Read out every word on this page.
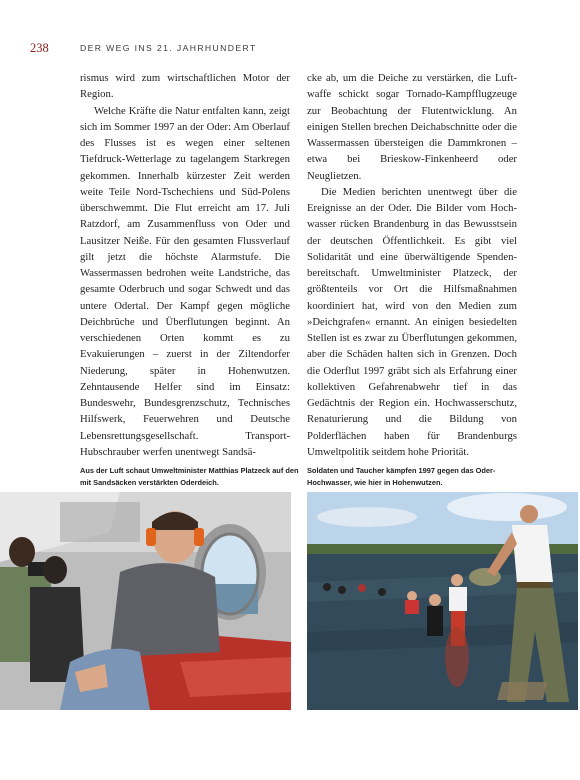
238	DER WEG INS 21. JAHRHUNDERT

rismus wird zum wirtschaftlichen Motor der Region.

Welche Kräfte die Natur entfalten kann, zeigt sich im Sommer 1997 an der Oder: Am Oberlauf des Flusses ist es wegen einer seltenen Tiefdruck-Wetterlage zu tagelangem Starkregen gekommen. Innerhalb kürzester Zeit werden weite Teile Nord-Tschechiens und Süd-Polens überschwemmt. Die Flut erreicht am 17. Juli Ratzdorf, am Zusammenfluss von Oder und Lausitzer Neiße. Für den gesamten Flussverlauf gilt jetzt die höchste Alarmstufe. Die Wassermassen bedrohen weite Landstriche, das gesamte Oderbruch und sogar Schwedt und das untere Odertal. Der Kampf gegen mögliche Deichbrüche und Überflutungen beginnt. An verschiedenen Orten kommt es zu Evakuierungen – zuerst in der Ziltendorfer Niederung, später in Hohenwutzen. Zehntausende Helfer sind im Einsatz: Bundeswehr, Bundesgrenzschutz, Technisches Hilfswerk, Feuerwehren und Deutsche Lebensrettungsgesellschaft. Transport-Hubschrauber werfen unentwegt Sandsä-

cke ab, um die Deiche zu verstärken, die Luftwaffe schickt sogar Tornado-Kampfflugzeuge zur Beobachtung der Flutentwicklung. An einigen Stellen brechen Deichabschnitte oder die Wassermassen übersteigen die Dammkronen – etwa bei Brieskow-Finkenheerd oder Neuglietzen.

Die Medien berichten unentwegt über die Ereignisse an der Oder. Die Bilder vom Hochwasser rücken Brandenburg in das Bewusstsein der deutschen Öffentlichkeit. Es gibt viel Solidarität und eine überwältigende Spendenbereitschaft. Umweltminister Platzeck, der größtenteils vor Ort die Hilfsmaßnahmen koordiniert hat, wird von den Medien zum »Deichgrafen« ernannt. An einigen besiedelten Stellen ist es zwar zu Überflutungen gekommen, aber die Schäden halten sich in Grenzen. Doch die Oderflut 1997 gräbt sich als Erfahrung einer kollektiven Gefahrenabwehr tief in das Gedächtnis der Region ein. Hochwasserschutz, Renaturierung und die Bildung von Polderflächen haben für Brandenburgs Umweltpolitik seitdem hohe Priorität.

Aus der Luft schaut Umweltminister Matthias Platzeck auf den mit Sandsäcken verstärkten Oderdeich.
Soldaten und Taucher kämpfen 1997 gegen das Oder-Hochwasser, wie hier in Hohenwutzen.
